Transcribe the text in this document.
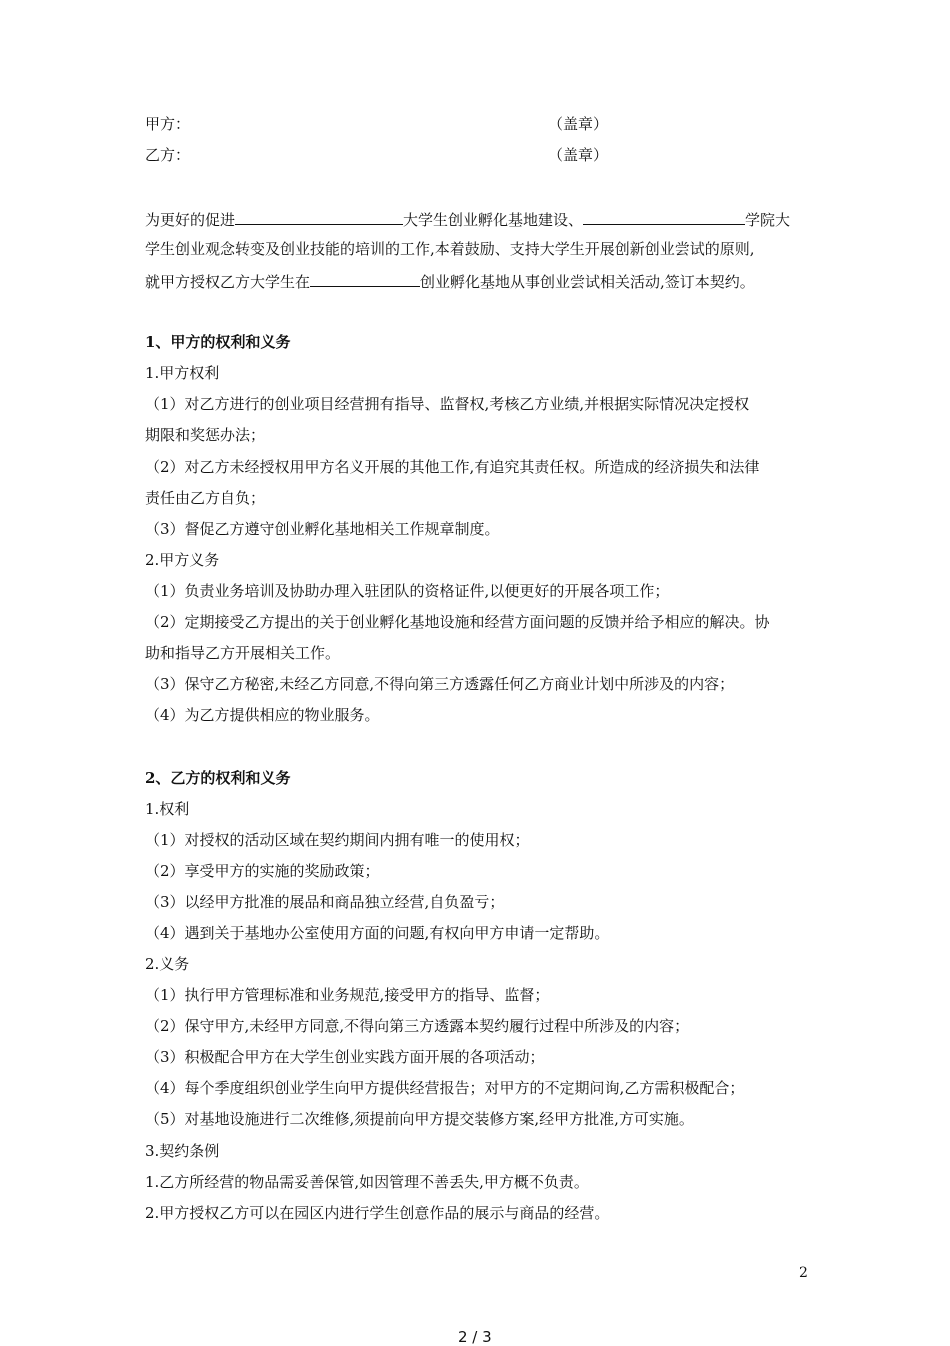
甲方：	（盖章）
乙方：	（盖章）
为更好的促进	大学生创业孵化基地建设、	学院大
学生创业观念转变及创业技能的培训的工作,本着鼓励、支持大学生开展创新创业尝试的原则,
就甲方授权乙方大学生在	创业孵化基地从事创业尝试相关活动,签订本契约。
1、甲方的权利和义务
1.甲方权利
（1）对乙方进行的创业项目经营拥有指导、监督权,考核乙方业绩,并根据实际情况决定授权
期限和奖惩办法；
（2）对乙方未经授权用甲方名义开展的其他工作,有追究其责任权。所造成的经济损失和法律
责任由乙方自负；
（3）督促乙方遵守创业孵化基地相关工作规章制度。
2.甲方义务
（1）负责业务培训及协助办理入驻团队的资格证件,以便更好的开展各项工作；
（2）定期接受乙方提出的关于创业孵化基地设施和经营方面问题的反馈并给予相应的解决。协
助和指导乙方开展相关工作。
（3）保守乙方秘密,未经乙方同意,不得向第三方透露任何乙方商业计划中所涉及的内容；
（4）为乙方提供相应的物业服务。
2、乙方的权利和义务
1.权利
（1）对授权的活动区域在契约期间内拥有唯一的使用权；
（2）享受甲方的实施的奖励政策；
（3）以经甲方批准的展品和商品独立经营,自负盈亏；
（4）遇到关于基地办公室使用方面的问题,有权向甲方申请一定帮助。
2.义务
（1）执行甲方管理标准和业务规范,接受甲方的指导、监督；
（2）保守甲方,未经甲方同意,不得向第三方透露本契约履行过程中所涉及的内容；
（3）积极配合甲方在大学生创业实践方面开展的各项活动；
（4）每个季度组织创业学生向甲方提供经营报告；对甲方的不定期问询,乙方需积极配合；
（5）对基地设施进行二次维修,须提前向甲方提交装修方案,经甲方批准,方可实施。
3.契约条例
1.乙方所经营的物品需妥善保管,如因管理不善丢失,甲方概不负责。
2.甲方授权乙方可以在园区内进行学生创意作品的展示与商品的经营。
2
2 / 3
